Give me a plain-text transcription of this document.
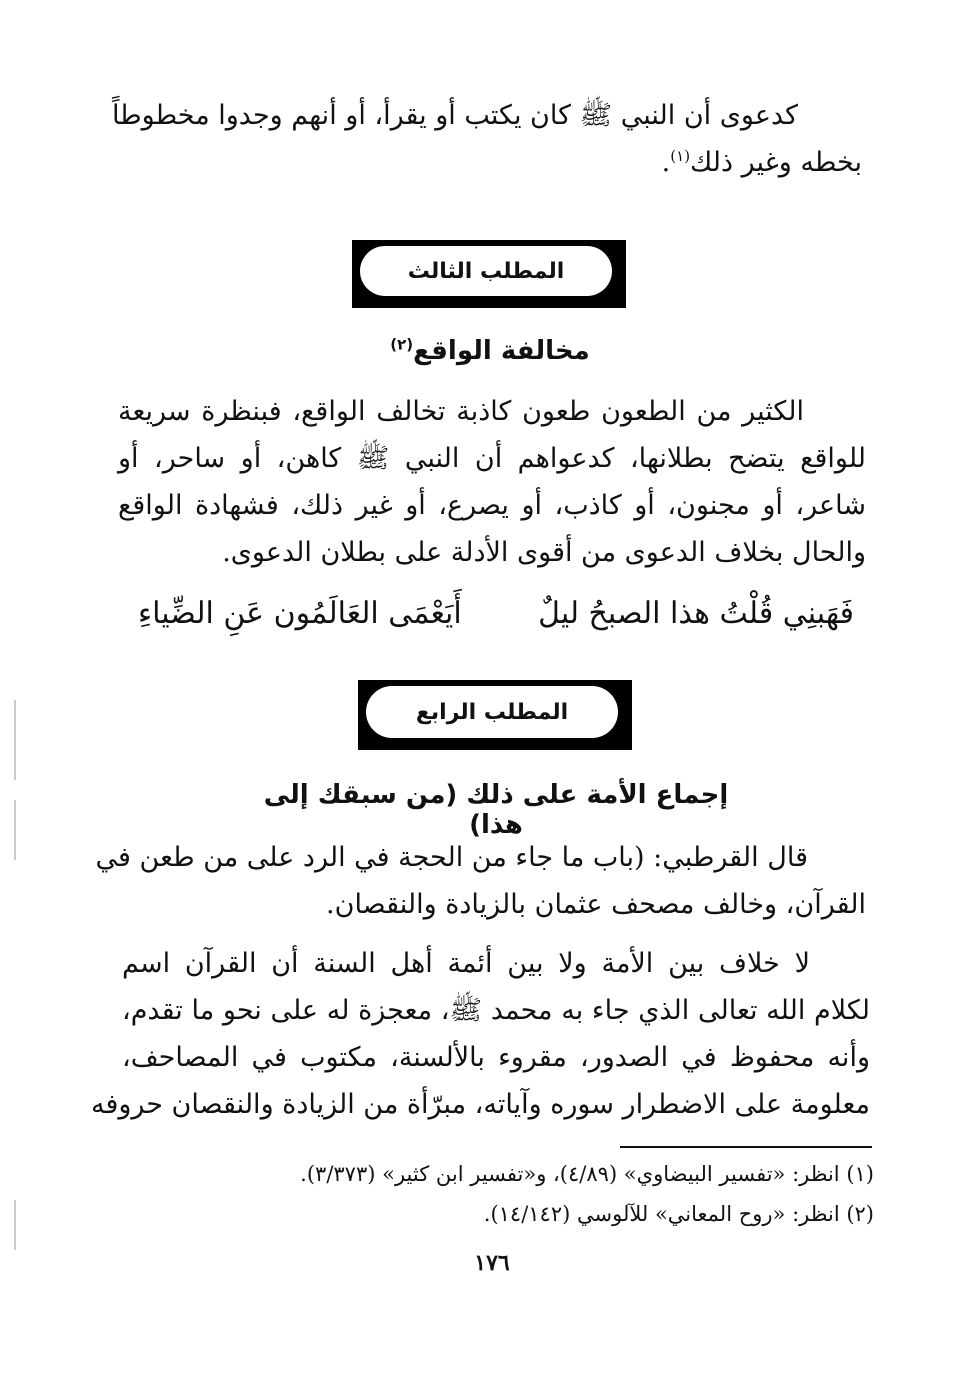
كدعوى أن النبي ﷺ كان يكتب أو يقرأ، أو أنهم وجدوا مخطوطاً
بخطه وغير ذلك$^{(١)}$.
المطلب الثالث
مخالفة الواقع$^{(٢)}$
الكثير من الطعون طعون كاذبة تخالف الواقع، فبنظرة سريعة
للواقع يتضح بطلانها، كدعواهم أن النبي ﷺ كاهن، أو ساحر، أو
شاعر، أو مجنون، أو كاذب، أو يصرع، أو غير ذلك، فشهادة الواقع
والحال بخلاف الدعوى من أقوى الأدلة على بطلان الدعوى.
فَهَبنِي قُلْتُ هذا الصبحُ ليلٌ
أَيَعْمَى العَالَمُون عَنِ الضِّياءِ
المطلب الرابع
إجماع الأمة على ذلك (من سبقك إلى هذا)
قال القرطبي: (باب ما جاء من الحجة في الرد على من طعن في
القرآن، وخالف مصحف عثمان بالزيادة والنقصان.
لا خلاف بين الأمة ولا بين أئمة أهل السنة أن القرآن اسم
لكلام الله تعالى الذي جاء به محمد ﷺ، معجزة له على نحو ما تقدم،
وأنه محفوظ في الصدور، مقروء بالألسنة، مكتوب في المصاحف،
معلومة على الاضطرار سوره وآياته، مبرّأة من الزيادة والنقصان حروفه
(١) انظر: «تفسير البيضاوي» (٤/٨٩)، و«تفسير ابن كثير» (٣/٣٧٣).
(٢) انظر: «روح المعاني» للآلوسي (١٤/١٤٢).
١٧٦
